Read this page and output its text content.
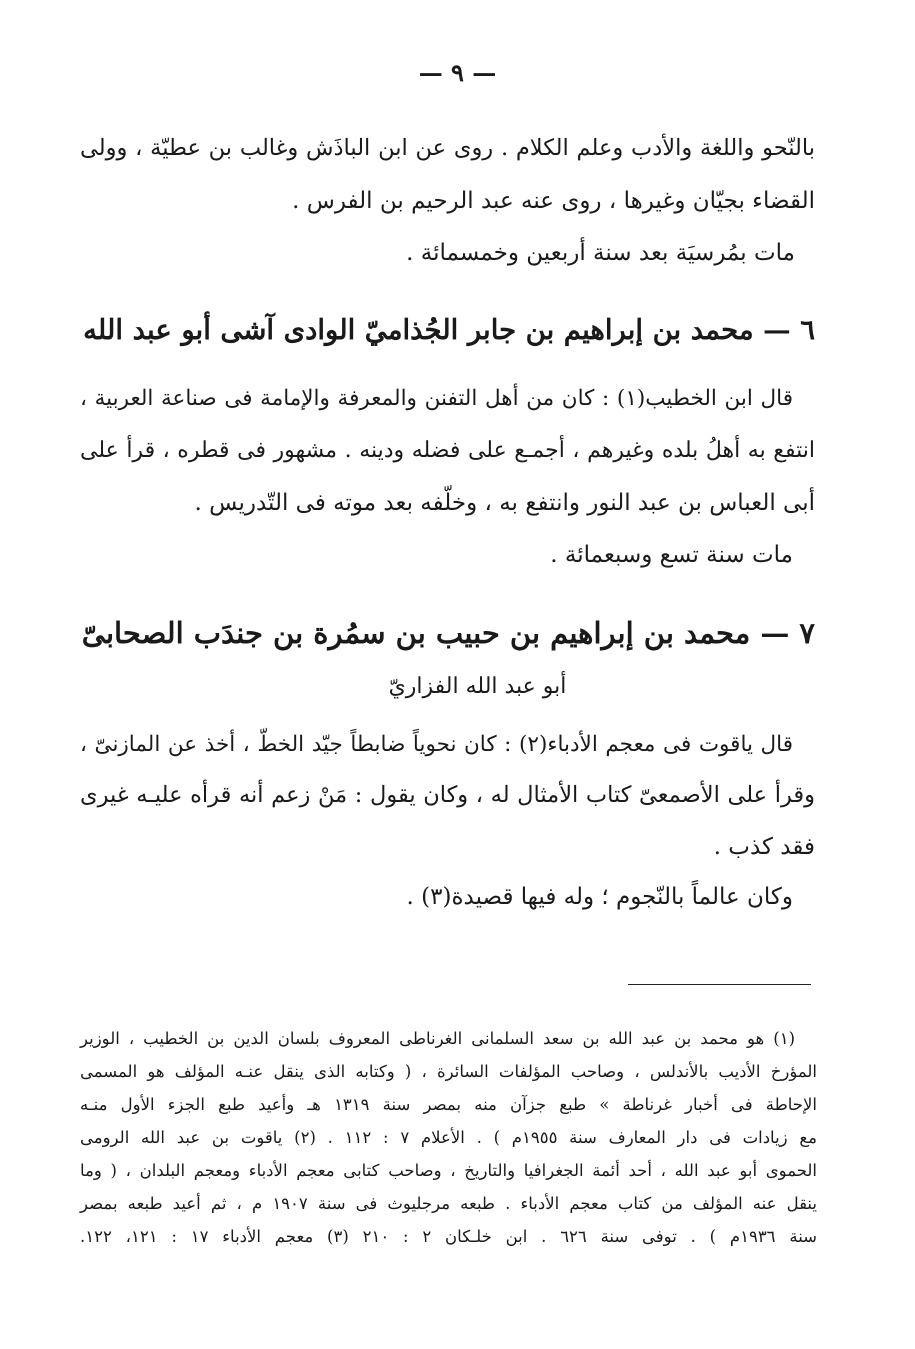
— ٩ —
بالنّحو واللغة والأدب وعلم الكلام . روى عن ابن الباذَش وغالب بن عطيّة ، وولى
القضاء بجيّان وغيرها ، روى عنه عبد الرحيم بن الفرس .
مات بمُرسيَة بعد سنة أربعين وخمسمائة .
٦ — محمد بن إبراهيم بن جابر الجُذاميّ الوادى آشى أبو عبد الله
قال ابن الخطيب(١) : كان من أهل التفنن والمعرفة والإمامة فى صناعة العربية ،
انتفع به أهلُ بلده وغيرهم ، أجمـع على فضله ودينه . مشهور فى قطره ، قرأ على
أبى العباس بن عبد النور وانتفع به ، وخلّفه بعد موته فى التّدريس .
مات سنة تسع وسبعمائة .
٧ — محمد بن إبراهيم بن حبيب بن سمُرة بن جندَب الصحابىّ
أبو عبد الله الفزاريّ
قال ياقوت فى معجم الأدباء(٢) : كان نحوياً ضابطاً جيّد الخطّ ، أخذ عن المازنىّ ،
وقرأ على الأصمعىّ كتاب الأمثال له ، وكان يقول : مَنْ زعم أنه قرأه عليـه غيرى
فقد كذب .
وكان عالماً بالنّجوم ؛ وله فيها قصيدة(٣) .
(١) هو محمد بن عبد الله بن سعد السلمانى الغرناطى المعروف بلسان الدين بن الخطيب ، الوزير
المؤرخ الأديب بالأندلس ، وصاحب المؤلفات السائرة ، ( وكتابه الذى ينقل عنـه المؤلف هو المسمى
الإحاطة فى أخبار غرناطة » طبع جزآن منه بمصر سنة ١٣١٩ هـ وأعيد طبع الجزء الأول منـه
مع زيادات فى دار المعارف سنة ١٩٥٥م ) . الأعلام ٧ : ١١٢ . (٢) ياقوت بن عبد الله الرومى
الحموى أبو عبد الله ، أحد أئمة الجغرافيا والتاريخ ، وصاحب كتابى معجم الأدباء ومعجم البلدان ، ( وما
ينقل عنه المؤلف من كتاب معجم الأدباء . طبعه مرجليوث فى سنة ١٩٠٧ م ، ثم أعيد طبعه بمصر
سنة ١٩٣٦م ) . توفى سنة ٦٢٦ . ابن خلـكان ٢ : ٢١٠ (٣) معجم الأدباء ١٧ : ١٢١، ١٢٢.
